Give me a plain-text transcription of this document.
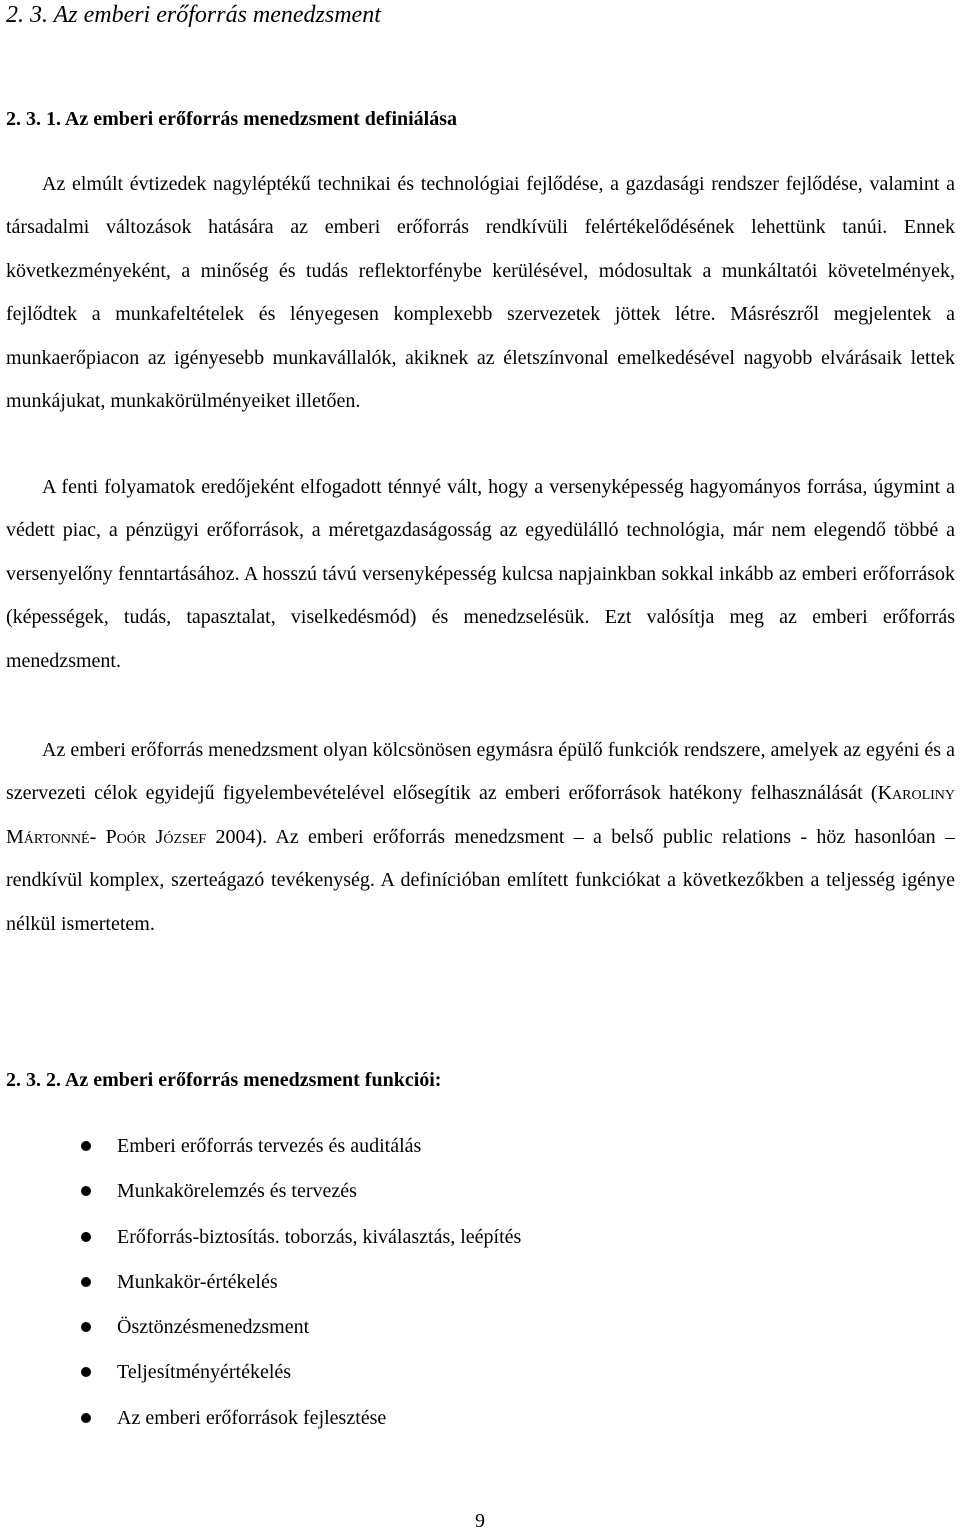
2. 3. Az emberi erőforrás menedzsment
2. 3. 1. Az emberi erőforrás menedzsment definiálása

Az elmúlt évtizedek nagyléptékű technikai és technológiai fejlődése, a gazdasági rendszer fejlődése, valamint a társadalmi változások hatására az emberi erőforrás rendkívüli felértékelődésének lehettünk tanúi. Ennek következményeként, a minőség és tudás reflektorfénybe kerülésével, módosultak a munkáltatói követelmények, fejlődtek a munkafeltételek és lényegesen komplexebb szervezetek jöttek létre. Másrészről megjelentek a munkaerőpiacon az igényesebb munkavállalók, akiknek az életszínvonal emelkedésével nagyobb elvárásaik lettek munkájukat, munkakörülményeiket illetően.

A fenti folyamatok eredőjeként elfogadott ténnyé vált, hogy a versenyképesség hagyományos forrása, úgymint a védett piac, a pénzügyi erőforrások, a méretgazdaságosság az egyedülálló technológia, már nem elegendő többé a versenyelőny fenntartásához. A hosszú távú versenyképesség kulcsa napjainkban sokkal inkább az emberi erőforrások (képességek, tudás, tapasztalat, viselkedésmód) és menedzselésük. Ezt valósítja meg az emberi erőforrás menedzsment.

Az emberi erőforrás menedzsment olyan kölcsönösen egymásra épülő funkciók rendszere, amelyek az egyéni és a szervezeti célok egyidejű figyelembevételével elősegítik az emberi erőforrások hatékony felhasználását (Karoliny Mártonné- Poór József 2004). Az emberi erőforrás menedzsment – a belső public relations - höz hasonlóan – rendkívül komplex, szerteágazó tevékenység. A definícióban említett funkciókat a következőkben a teljesség igénye nélkül ismertetem.

2. 3. 2. Az emberi erőforrás menedzsment funkciói:
Emberi erőforrás tervezés és auditálás
Munkakörelemzés és tervezés
Erőforrás-biztosítás. toborzás, kiválasztás, leépítés
Munkakör-értékelés
Ösztönzésmenedzsment
Teljesítményértékelés
Az emberi erőforrások fejlesztése
9
